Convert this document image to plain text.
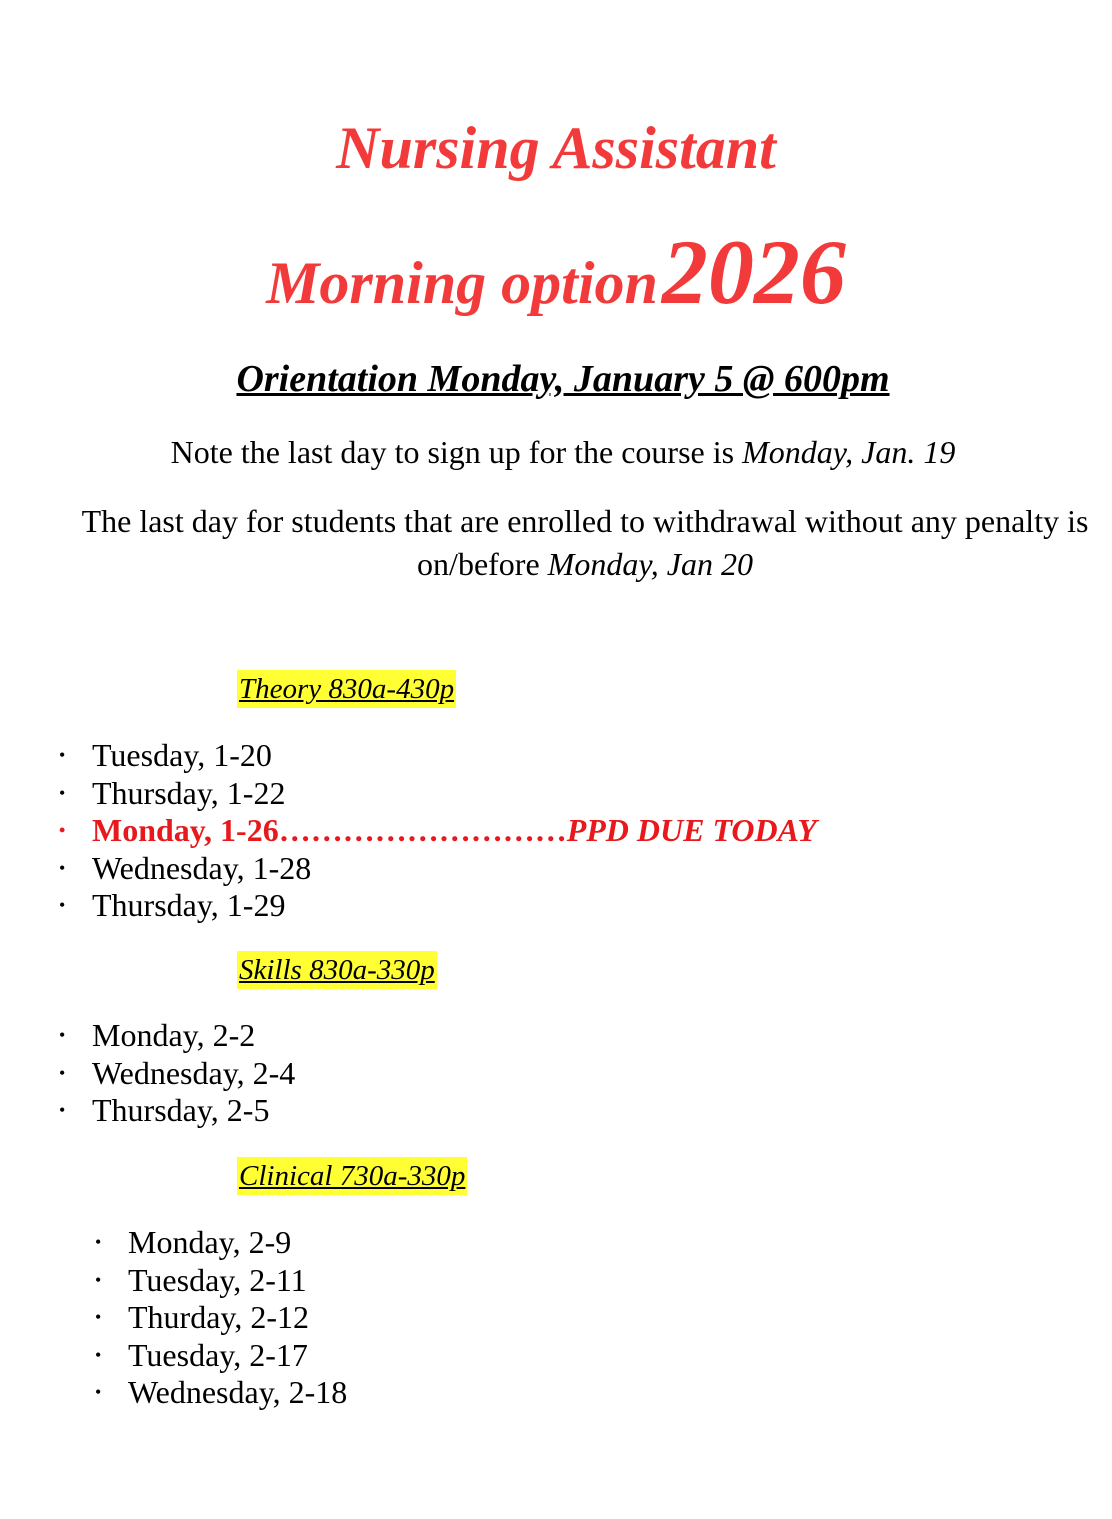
Nursing Assistant
Morning option 2026
Orientation Monday, January 5 @ 600pm
Note the last day to sign up for the course is Monday, Jan. 19
The last day for students that are enrolled to withdrawal without any penalty is on/before Monday, Jan 20
Theory 830a-430p
• Tuesday, 1-20
• Thursday, 1-22
• Monday, 1-26………………………PPD DUE TODAY
• Wednesday, 1-28
• Thursday, 1-29
Skills 830a-330p
• Monday, 2-2
• Wednesday, 2-4
• Thursday, 2-5
Clinical 730a-330p
• Monday, 2-9
• Tuesday, 2-11
• Thurday, 2-12
• Tuesday, 2-17
• Wednesday, 2-18
